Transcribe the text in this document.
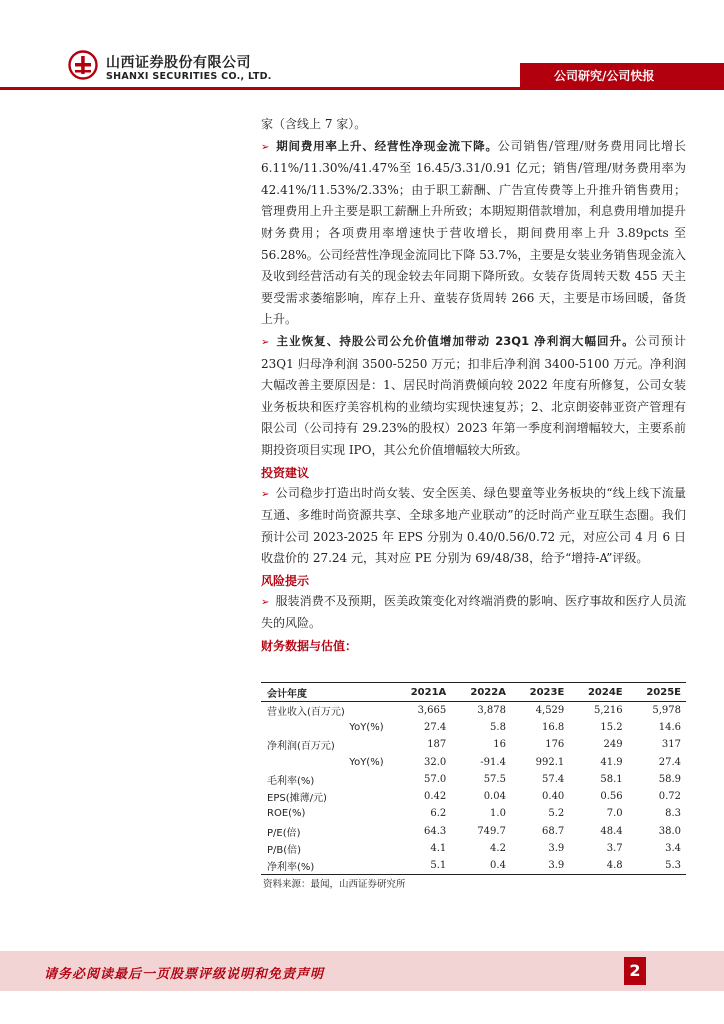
山西证券股份有限公司
SHANXI SECURITIES CO., LTD.	公司研究/公司快报

家（含线上 7 家）。

➢ 期间费用率上升、经营性净现金流下降。公司销售/管理/财务费用同比增长 6.11%/11.30%/41.47%至 16.45/3.31/0.91 亿元；销售/管理/财务费用率为 42.41%/11.53%/2.33%；由于职工薪酬、广告宣传费等上升推升销售费用；管理费用上升主要是职工薪酬上升所致；本期短期借款增加，利息费用增加提升财务费用；各项费用率增速快于营收增长，期间费用率上升 3.89pcts 至 56.28%。公司经营性净现金流同比下降 53.7%，主要是女装业务销售现金流入及收到经营活动有关的现金较去年同期下降所致。女装存货周转天数 455 天主要受需求萎缩影响，库存上升、童装存货周转 266 天，主要是市场回暖，备货上升。

➢ 主业恢复、持股公司公允价值增加带动 23Q1 净利润大幅回升。公司预计 23Q1 归母净利润 3500-5250 万元；扣非后净利润 3400-5100 万元。净利润大幅改善主要原因是：1、居民时尚消费倾向较 2022 年度有所修复，公司女装业务板块和医疗美容机构的业绩均实现快速复苏；2、北京朗姿韩亚资产管理有限公司（公司持有 29.23%的股权）2023 年第一季度利润增幅较大，主要系前期投资项目实现 IPO，其公允价值增幅较大所致。

投资建议

➢ 公司稳步打造出时尚女装、安全医美、绿色婴童等业务板块的“线上线下流量互通、多维时尚资源共享、全球多地产业联动”的泛时尚产业互联生态圈。我们预计公司 2023-2025 年 EPS 分别为 0.40/0.56/0.72 元，对应公司 4 月 6 日收盘价的 27.24 元，其对应 PE 分别为 69/48/38，给予“增持-A”评级。

风险提示

➢ 服装消费不及预期，医美政策变化对终端消费的影响、医疗事故和医疗人员流失的风险。

财务数据与估值：
会计年度	2021A	2022A	2023E	2024E	2025E
营业收入(百万元)	3,665	3,878	4,529	5,216	5,978
YoY(%)	27.4	5.8	16.8	15.2	14.6
净利润(百万元)	187	16	176	249	317
YoY(%)	32.0	-91.4	992.1	41.9	27.4
毛利率(%)	57.0	57.5	57.4	58.1	58.9
EPS(摊薄/元)	0.42	0.04	0.40	0.56	0.72
ROE(%)	6.2	1.0	5.2	7.0	8.3
P/E(倍)	64.3	749.7	68.7	48.4	38.0
P/B(倍)	4.1	4.2	3.9	3.7	3.4
净利率(%)	5.1	0.4	3.9	4.8	5.3
资料来源：最闻，山西证券研究所
请务必阅读最后一页股票评级说明和免责声明	2
